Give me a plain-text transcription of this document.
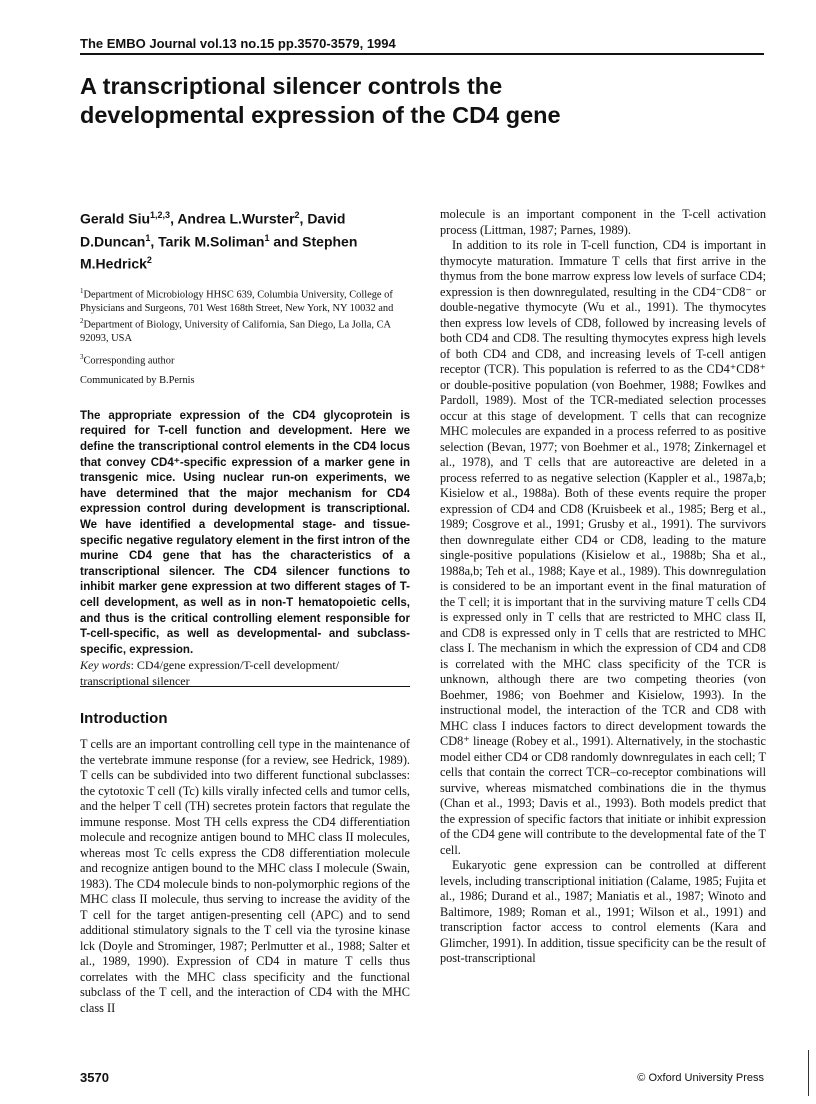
The EMBO Journal vol.13 no.15 pp.3570-3579, 1994
A transcriptional silencer controls the
developmental expression of the CD4 gene
Gerald Siu$^{1,2,3}$, Andrea L.Wurster$^2$, David D.Duncan$^1$, Tarik M.Soliman$^1$ and Stephen M.Hedrick$^2$

$^1$Department of Microbiology HHSC 639, Columbia University, College of Physicians and Surgeons, 701 West 168th Street, New York, NY 10032 and $^2$Department of Biology, University of California, San Diego, La Jolla, CA 92093, USA

$^3$Corresponding author

Communicated by B.Pernis

The appropriate expression of the CD4 glycoprotein is required for T-cell function and development. Here we define the transcriptional control elements in the CD4 locus that convey CD4⁺-specific expression of a marker gene in transgenic mice. Using nuclear run-on experiments, we have determined that the major mechanism for CD4 expression control during development is transcriptional. We have identified a developmental stage- and tissue-specific negative regulatory element in the first intron of the murine CD4 gene that has the characteristics of a transcriptional silencer. The CD4 silencer functions to inhibit marker gene expression at two different stages of T-cell development, as well as in non-T hematopoietic cells, and thus is the critical controlling element responsible for T-cell-specific, as well as developmental- and subclass-specific, expression.

Key words: CD4/gene expression/T-cell development/ transcriptional silencer

Introduction

T cells are an important controlling cell type in the maintenance of the vertebrate immune response (for a review, see Hedrick, 1989). T cells can be subdivided into two different functional subclasses: the cytotoxic T cell (Tc) kills virally infected cells and tumor cells, and the helper T cell (TH) secretes protein factors that regulate the immune response. Most TH cells express the CD4 differentiation molecule and recognize antigen bound to MHC class II molecules, whereas most Tc cells express the CD8 differentiation molecule and recognize antigen bound to the MHC class I molecule (Swain, 1983). The CD4 molecule binds to non-polymorphic regions of the MHC class II molecule, thus serving to increase the avidity of the T cell for the target antigen-presenting cell (APC) and to send additional stimulatory signals to the T cell via the tyrosine kinase lck (Doyle and Strominger, 1987; Perlmutter et al., 1988; Salter et al., 1989, 1990). Expression of CD4 in mature T cells thus correlates with the MHC class specificity and the functional subclass of the T cell, and the interaction of CD4 with the MHC class II

molecule is an important component in the T-cell activation process (Littman, 1987; Parnes, 1989).

In addition to its role in T-cell function, CD4 is important in thymocyte maturation. Immature T cells that first arrive in the thymus from the bone marrow express low levels of surface CD4; expression is then downregulated, resulting in the CD4⁻CD8⁻ or double-negative thymocyte (Wu et al., 1991). The thymocytes then express low levels of CD8, followed by increasing levels of both CD4 and CD8. The resulting thymocytes express high levels of both CD4 and CD8, and increasing levels of T-cell antigen receptor (TCR). This population is referred to as the CD4⁺CD8⁺ or double-positive population (von Boehmer, 1988; Fowlkes and Pardoll, 1989). Most of the TCR-mediated selection processes occur at this stage of development. T cells that can recognize MHC molecules are expanded in a process referred to as positive selection (Bevan, 1977; von Boehmer et al., 1978; Zinkernagel et al., 1978), and T cells that are autoreactive are deleted in a process referred to as negative selection (Kappler et al., 1987a,b; Kisielow et al., 1988a). Both of these events require the proper expression of CD4 and CD8 (Kruisbeek et al., 1985; Berg et al., 1989; Cosgrove et al., 1991; Grusby et al., 1991). The survivors then downregulate either CD4 or CD8, leading to the mature single-positive populations (Kisielow et al., 1988b; Sha et al., 1988a,b; Teh et al., 1988; Kaye et al., 1989). This downregulation is considered to be an important event in the final maturation of the T cell; it is important that in the surviving mature T cells CD4 is expressed only in T cells that are restricted to MHC class II, and CD8 is expressed only in T cells that are restricted to MHC class I. The mechanism in which the expression of CD4 and CD8 is correlated with the MHC class specificity of the TCR is unknown, although there are two competing theories (von Boehmer, 1986; von Boehmer and Kisielow, 1993). In the instructional model, the interaction of the TCR and CD8 with MHC class I induces factors to direct development towards the CD8⁺ lineage (Robey et al., 1991). Alternatively, in the stochastic model either CD4 or CD8 randomly downregulates in each cell; T cells that contain the correct TCR–co-receptor combinations will survive, whereas mismatched combinations die in the thymus (Chan et al., 1993; Davis et al., 1993). Both models predict that the expression of specific factors that initiate or inhibit expression of the CD4 gene will contribute to the developmental fate of the T cell.

Eukaryotic gene expression can be controlled at different levels, including transcriptional initiation (Calame, 1985; Fujita et al., 1986; Durand et al., 1987; Maniatis et al., 1987; Winoto and Baltimore, 1989; Roman et al., 1991; Wilson et al., 1991) and transcription factor access to control elements (Kara and Glimcher, 1991). In addition, tissue specificity can be the result of post-transcriptional

3570	© Oxford University Press
